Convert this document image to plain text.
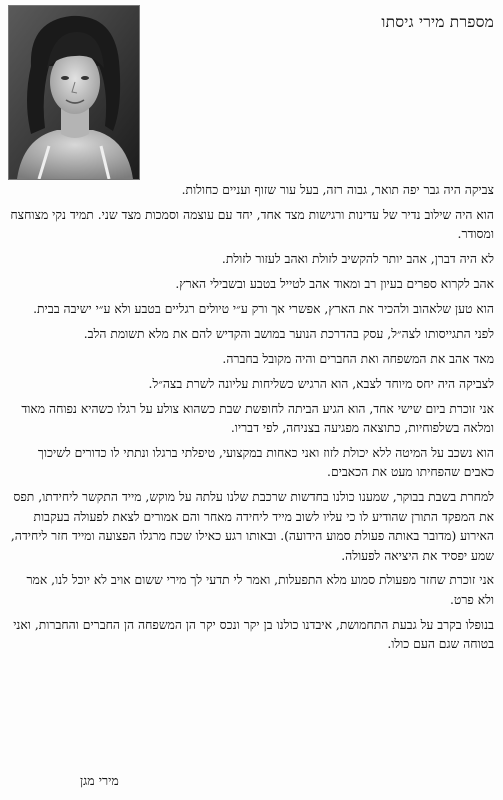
מספרת מירי גיסתו

צביקה היה גבר יפה תואר, גבוה רזה, בעל עור שזוף ועניים כחולות.

הוא היה שילוב נדיר של עדינות ורגישות מצד אחד, יחד עם עוצמה וסמכות מצד שני. תמיד נקי מצוחצח ומסודר.

לא היה דברן, אהב יותר להקשיב לזולת ואהב לעזור לזולת.

אהב לקרוא ספרים בעיון רב ומאוד אהב לטייל בטבע ובשבילי הארץ.

הוא טען שלאהוב ולהכיר את הארץ, אפשרי אך ורק ע״י טיולים רגליים בטבע ולא ע״י ישיבה בבית.

לפני התגייסותו לצה״ל, עסק בהדרכת הנוער במושב והקדיש להם את מלא תשומת הלב.

מאד אהב את המשפחה ואת החברים והיה מקובל בחברה.

לצביקה היה יחס מיוחד לצבא, הוא הרגיש כשליחות עליונה לשרת בצה״ל.

אני זוכרת ביום שישי אחד, הוא הגיע הביתה לחופשת שבת כשהוא צולע על רגלו כשהיא נפוחה מאוד ומלאה בשלפוחיות, כתוצאה מפגיעה בצניחה, לפי דבריו.

הוא נשכב על המיטה ללא יכולת לזוז ואני כאחות במקצועי, טיפלתי ברגלו ונתתי לו כדורים לשיכוך כאבים שהפחיתו מעט את הכאבים.

למחרת בשבת בבוקר, שמענו כולנו בחדשות שרכבת שלנו עלתה על מוקש, מייד התקשר ליחידתו, תפס את המפקד התורן שהודיע לו כי עליו לשוב מייד ליחידה מאחר והם אמורים לצאת לפעולה בעקבות האירוע (מדובר באותה פעולת סמוע הידועה). ובאותו רגע כאילו שכח מרגלו הפצועה ומייד חזר ליחידה, שמע יפסיד את היציאה לפעולה.

אני זוכרת שחזר מפעולת סמוע מלא התפעלות, ואמר לי תדעי לך מירי ששום אויב לא יוכל לנו, אמר ולא פרט.

בנופלו בקרב על גבעת התחמושת, איבדנו כולנו בן יקר ונכס יקר הן המשפחה הן החברים והחברות, ואני בטוחה שגם העם כולו.

מירי מגן
